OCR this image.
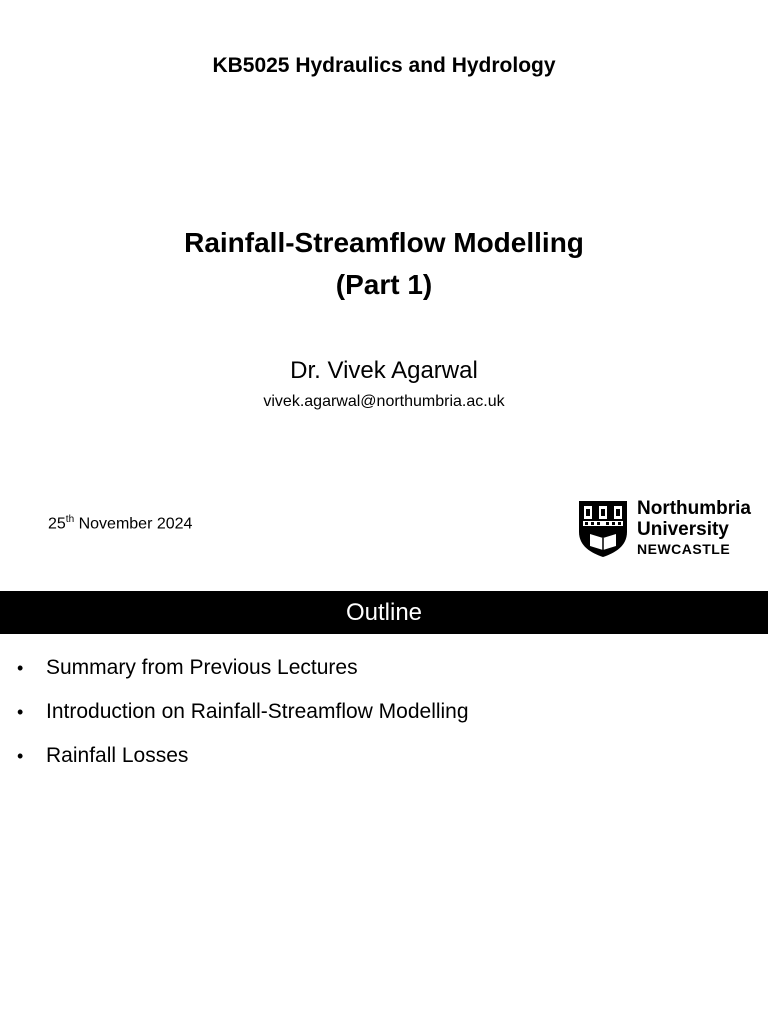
KB5025 Hydraulics and Hydrology
Rainfall-Streamflow Modelling
(Part 1)
Dr. Vivek Agarwal
vivek.agarwal@northumbria.ac.uk
25th November 2024
Northumbria
University
NEWCASTLE
Outline
• Summary from Previous Lectures
• Introduction on Rainfall-Streamflow Modelling
• Rainfall Losses
